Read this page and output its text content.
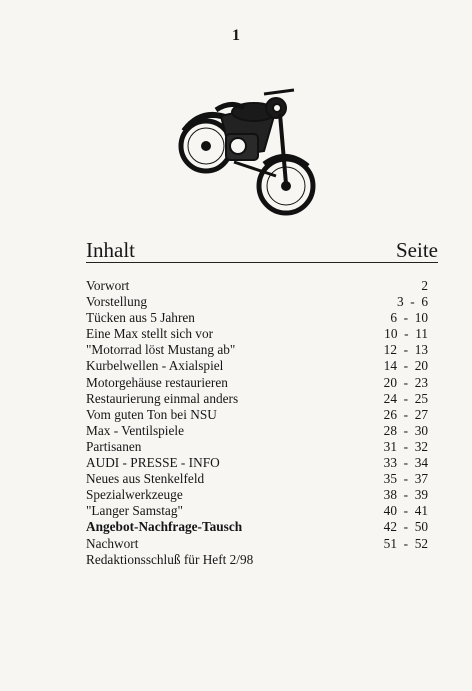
1
Inhalt	Seite
Vorwort	2
Vorstellung	3  -  6
Tücken aus 5 Jahren	6  -  10
Eine Max stellt sich vor	10  -  11
"Motorrad löst Mustang ab"	12  -  13
Kurbelwellen - Axialspiel	14  -  20
Motorgehäuse restaurieren	20  -  23
Restaurierung einmal anders	24  -  25
Vom guten Ton bei NSU	26  -  27
Max - Ventilspiele	28  -  30
Partisanen	31  -  32
AUDI - PRESSE - INFO	33  -  34
Neues aus Stenkelfeld	35  -  37
Spezialwerkzeuge	38  -  39
"Langer Samstag"	40  -  41
Angebot-Nachfrage-Tausch	42  -  50
Nachwort	51  -  52
Redaktionsschluß für Heft 2/98
